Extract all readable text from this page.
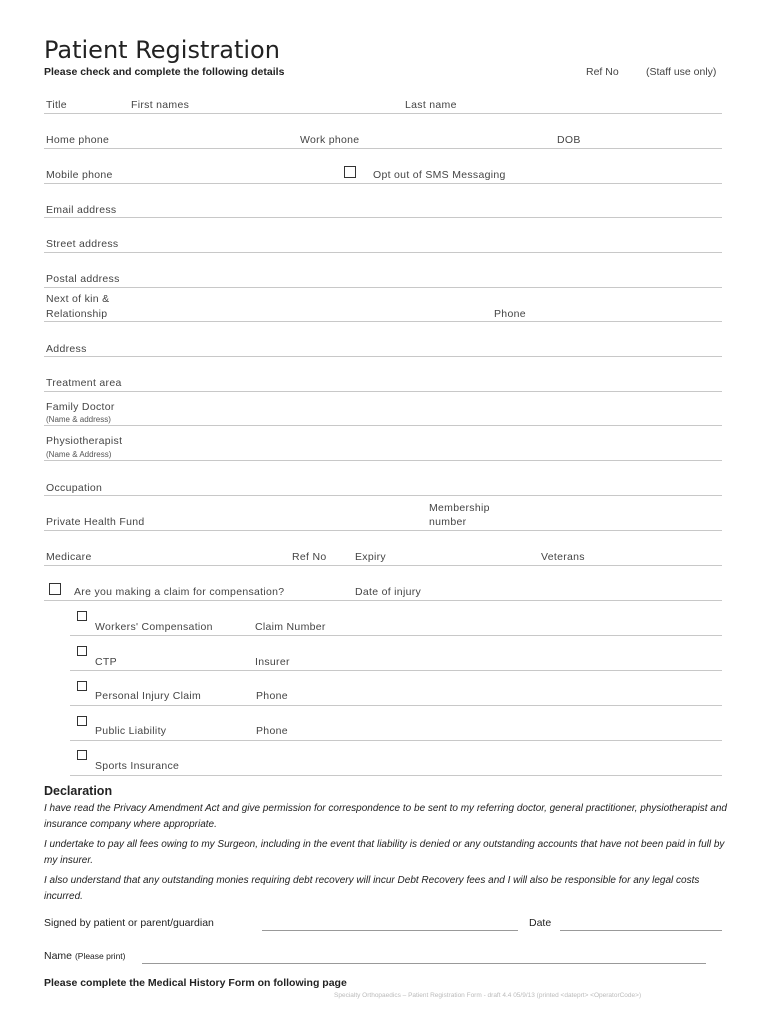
Patient Registration
Please check and complete the following details	Ref No	(Staff use only)
Title	First names	Last name
Home phone	Work phone	DOB
Mobile phone	Opt out of SMS Messaging
Email address
Street address
Postal address
Next of kin &
Relationship	Phone
Address
Treatment area
Family Doctor
(Name & address)
Physiotherapist
(Name & Address)
Occupation
Private Health Fund
Membership
number
Medicare	Ref No	Expiry	Veterans
Are you making a claim for compensation?	Date of injury
Workers' Compensation	Claim Number
CTP	Insurer
Personal Injury Claim	Phone
Public Liability	Phone
Sports Insurance
Declaration
I have read the Privacy Amendment Act and give permission for correspondence to be sent to my referring doctor, general practitioner, physiotherapist and insurance company where appropriate.
I undertake to pay all fees owing to my Surgeon, including in the event that liability is denied or any outstanding accounts that have not been paid in full by my insurer.
I also understand that any outstanding monies requiring debt recovery will incur Debt Recovery fees and I will also be responsible for any legal costs incurred.
Signed by patient or parent/guardian	Date
Name (Please print)
Please complete the Medical History Form on following page
Specialty Orthopaedics – Patient Registration Form - draft 4.4 05/9/13 (printed <dateprt> <OperatorCode>)
